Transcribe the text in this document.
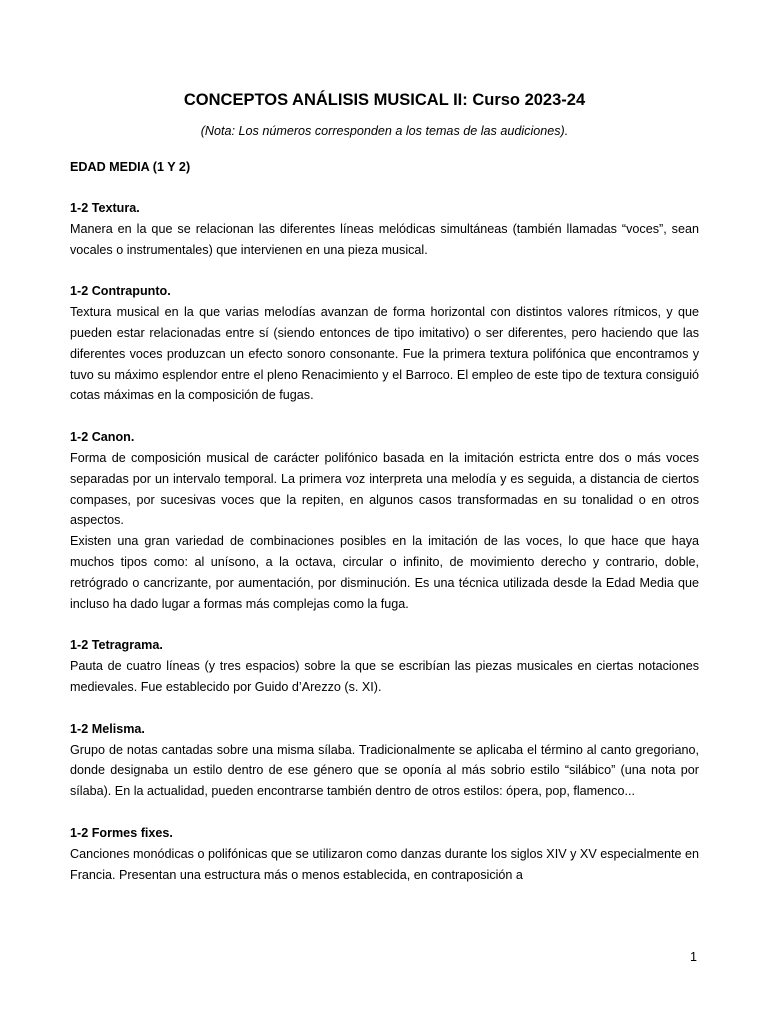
CONCEPTOS ANÁLISIS MUSICAL II: Curso 2023-24

(Nota: Los números corresponden a los temas de las audiciones).

EDAD MEDIA (1 Y 2)

1-2 Textura.

Manera en la que se relacionan las diferentes líneas melódicas simultáneas (también llamadas “voces”, sean vocales o instrumentales) que intervienen en una pieza musical.

1-2 Contrapunto.

Textura musical en la que varias melodías avanzan de forma horizontal con distintos valores rítmicos, y que pueden estar relacionadas entre sí (siendo entonces de tipo imitativo) o ser diferentes, pero haciendo que las diferentes voces produzcan un efecto sonoro consonante. Fue la primera textura polifónica que encontramos y tuvo su máximo esplendor entre el pleno Renacimiento y el Barroco. El empleo de este tipo de textura consiguió cotas máximas en la composición de fugas.

1-2 Canon.

Forma de composición musical de carácter polifónico basada en la imitación estricta entre dos o más voces separadas por un intervalo temporal. La primera voz interpreta una melodía y es seguida, a distancia de ciertos compases, por sucesivas voces que la repiten, en algunos casos transformadas en su tonalidad o en otros aspectos.

Existen una gran variedad de combinaciones posibles en la imitación de las voces, lo que hace que haya muchos tipos como: al unísono, a la octava, circular o infinito, de movimiento derecho y contrario, doble, retrógrado o cancrizante, por aumentación, por disminución. Es una técnica utilizada desde la Edad Media que incluso ha dado lugar a formas más complejas como la fuga.

1-2 Tetragrama.

Pauta de cuatro líneas (y tres espacios) sobre la que se escribían las piezas musicales en ciertas notaciones medievales. Fue establecido por Guido d’Arezzo (s. XI).

1-2 Melisma.

Grupo de notas cantadas sobre una misma sílaba. Tradicionalmente se aplicaba el término al canto gregoriano, donde designaba un estilo dentro de ese género que se oponía al más sobrio estilo “silábico” (una nota por sílaba). En la actualidad, pueden encontrarse también dentro de otros estilos: ópera, pop, flamenco...

1-2 Formes fixes.

Canciones monódicas o polifónicas que se utilizaron como danzas durante los siglos XIV y XV especialmente en Francia. Presentan una estructura más o menos establecida, en contraposición a

1
